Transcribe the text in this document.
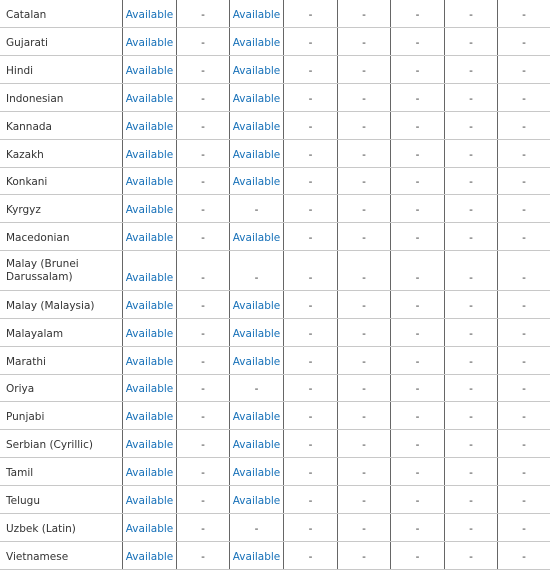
Catalan	Available	-	Available	-	-	-	-	-
Gujarati	Available	-	Available	-	-	-	-	-
Hindi	Available	-	Available	-	-	-	-	-
Indonesian	Available	-	Available	-	-	-	-	-
Kannada	Available	-	Available	-	-	-	-	-
Kazakh	Available	-	Available	-	-	-	-	-
Konkani	Available	-	Available	-	-	-	-	-
Kyrgyz	Available	-	-	-	-	-	-	-
Macedonian	Available	-	Available	-	-	-	-	-
Malay (Brunei Darussalam)	Available	-	-	-	-	-	-	-
Malay (Malaysia)	Available	-	Available	-	-	-	-	-
Malayalam	Available	-	Available	-	-	-	-	-
Marathi	Available	-	Available	-	-	-	-	-
Oriya	Available	-	-	-	-	-	-	-
Punjabi	Available	-	Available	-	-	-	-	-
Serbian (Cyrillic)	Available	-	Available	-	-	-	-	-
Tamil	Available	-	Available	-	-	-	-	-
Telugu	Available	-	Available	-	-	-	-	-
Uzbek (Latin)	Available	-	-	-	-	-	-	-
Vietnamese	Available	-	Available	-	-	-	-	-
